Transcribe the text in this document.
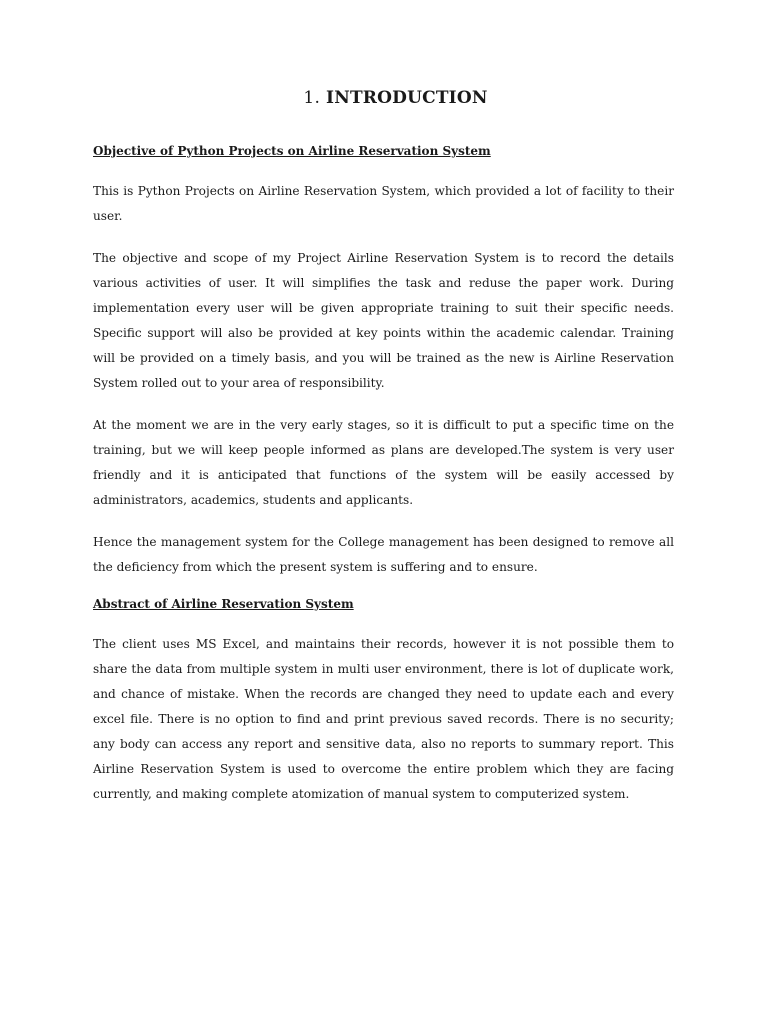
1. INTRODUCTION
Objective of Python Projects on Airline Reservation System

This is Python Projects on Airline Reservation System, which provided a lot of facility to their user.

The objective and scope of my Project Airline Reservation System is to record the details various activities of user. It will simplifies the task and reduse the paper work. During implementation every user will be given appropriate training to suit their specific needs. Specific support will also be provided at key points within the academic calendar. Training will be provided on a timely basis, and you will be trained as the new is Airline Reservation System rolled out to your area of responsibility.

At the moment we are in the very early stages, so it is difficult to put a specific time on the training, but we will keep people informed as plans are developed.The system is very user friendly and it is anticipated that functions of the system will be easily accessed by administrators, academics, students and applicants.

Hence the management system for the College management has been designed to remove all the deficiency from which the present system is suffering and to ensure.

Abstract of Airline Reservation System

The client uses MS Excel, and maintains their records, however it is not possible them to share the data from multiple system in multi user environment, there is lot of duplicate work, and chance of mistake. When the records are changed they need to update each and every excel file. There is no option to find and print previous saved records. There is no security; any body can access any report and sensitive data, also no reports to summary report. This Airline Reservation System is used to overcome the entire problem which they are facing currently, and making complete atomization of manual system to computerized system.
